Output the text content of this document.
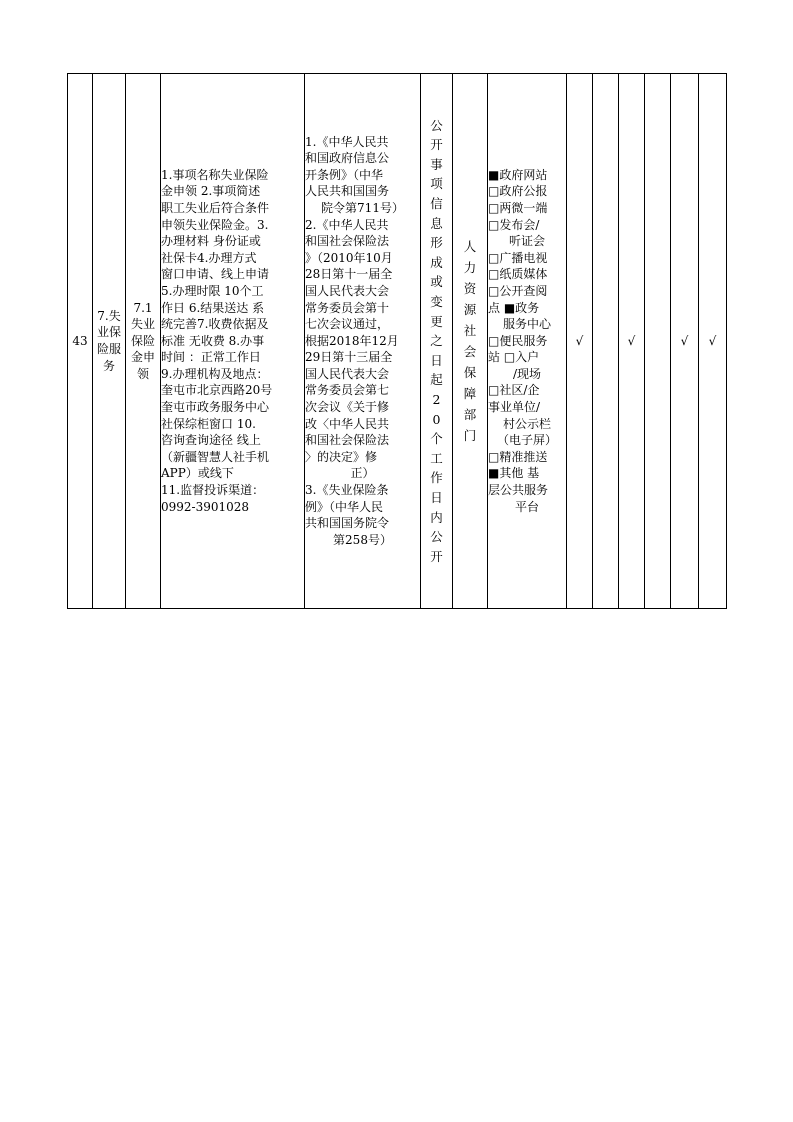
43	
7.失业保险服务

7.1失业保险金申领

1.事项名称失业保险
金申领 2.事项简述
职工失业后符合条件
申领失业保险金。3.
办理材料 身份证或
社保卡4.办理方式
窗口申请、线上申请
5.办理时限 10个工
作日 6.结果送达 系
统完善7.收费依据及
标准 无收费 8.办事
时间 ：正常工作日
9.办理机构及地点：
奎屯市北京西路20号
奎屯市政务服务中心
社保综柜窗口 10.
咨询查询途径 线上
（新疆智慧人社手机
APP）或线下
11.监督投诉渠道：
0992-3901028

1.《中华人民共
和国政府信息公
开条例》（中华
人民共和国国务
院令第711号）
2.《中华人民共
和国社会保险法
》（2010年10月
28日第十一届全
国人民代表大会
常务委员会第十
七次会议通过，
根据2018年12月
29日第十三届全
国人民代表大会
常务委员会第七
次会议《关于修
改〈中华人民共
和国社会保险法
〉的决定》修
正）
3.《失业保险条
例》（中华人民
共和国国务院令
第258号）

公开事项信息形成或变更之日起20个工作日内公开

人力资源社会保障部门

■政府网站
□政府公报
□两微一端
□发布会/
听证会
□广播电视
□纸质媒体
□公开查阅
点 ■政务
服务中心
□便民服务
站 □入户
/现场
□社区/企
事业单位/
村公示栏
（电子屏）
□精准推送
■其他 基
层公共服务
平台
	√		√		√	√
